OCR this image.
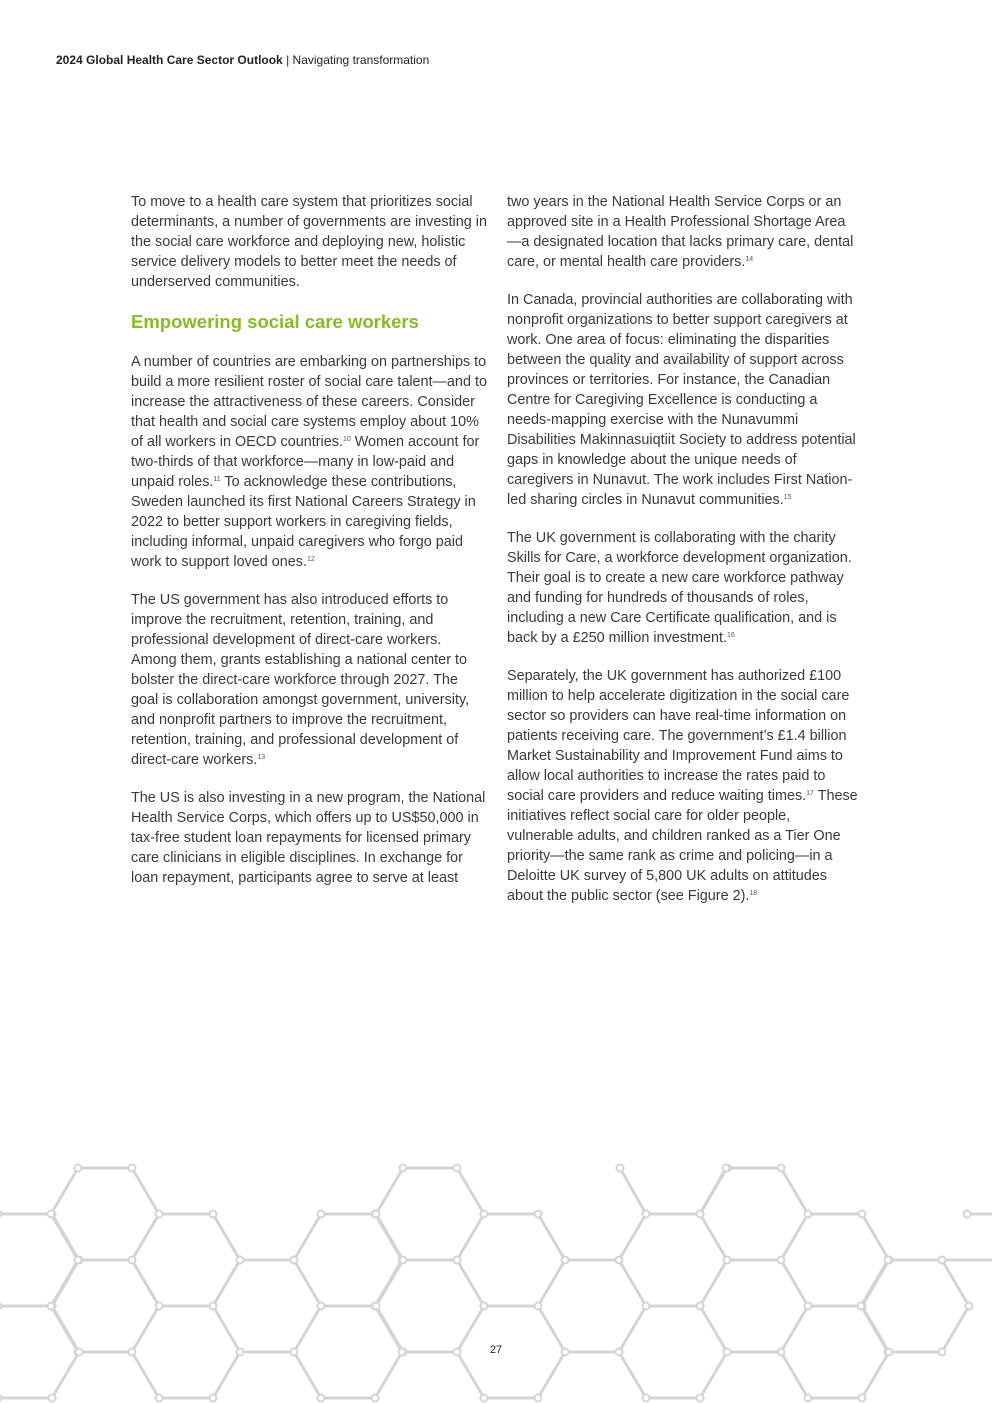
2024 Global Health Care Sector Outlook | Navigating transformation

To move to a health care system that prioritizes social determinants, a number of governments are investing in the social care workforce and deploying new, holistic service delivery models to better meet the needs of underserved communities.

Empowering social care workers

A number of countries are embarking on partnerships to build a more resilient roster of social care talent—and to increase the attractiveness of these careers. Consider that health and social care systems employ about 10% of all workers in OECD countries.$^{10}$ Women account for two-thirds of that workforce—many in low-paid and unpaid roles.$^{11}$ To acknowledge these contributions, Sweden launched its first National Careers Strategy in 2022 to better support workers in caregiving fields, including informal, unpaid caregivers who forgo paid work to support loved ones.$^{12}$

The US government has also introduced efforts to improve the recruitment, retention, training, and professional development of direct-care workers. Among them, grants establishing a national center to bolster the direct-care workforce through 2027. The goal is collaboration amongst government, university, and nonprofit partners to improve the recruitment, retention, training, and professional development of direct-care workers.$^{13}$

The US is also investing in a new program, the National Health Service Corps, which offers up to US$50,000 in tax-free student loan repayments for licensed primary care clinicians in eligible disciplines. In exchange for loan repayment, participants agree to serve at least

two years in the National Health Service Corps or an approved site in a Health Professional Shortage Area—a designated location that lacks primary care, dental care, or mental health care providers.$^{14}$

In Canada, provincial authorities are collaborating with nonprofit organizations to better support caregivers at work. One area of focus: eliminating the disparities between the quality and availability of support across provinces or territories. For instance, the Canadian Centre for Caregiving Excellence is conducting a needs-mapping exercise with the Nunavummi Disabilities Makinnasuiqtiit Society to address potential gaps in knowledge about the unique needs of caregivers in Nunavut. The work includes First Nation-led sharing circles in Nunavut communities.$^{15}$

The UK government is collaborating with the charity Skills for Care, a workforce development organization. Their goal is to create a new care workforce pathway and funding for hundreds of thousands of roles, including a new Care Certificate qualification, and is back by a £250 million investment.$^{16}$

Separately, the UK government has authorized £100 million to help accelerate digitization in the social care sector so providers can have real-time information on patients receiving care. The government’s £1.4 billion Market Sustainability and Improvement Fund aims to allow local authorities to increase the rates paid to social care providers and reduce waiting times.$^{17}$ These initiatives reflect social care for older people, vulnerable adults, and children ranked as a Tier One priority—the same rank as crime and policing—in a Deloitte UK survey of 5,800 UK adults on attitudes about the public sector (see Figure 2).$^{18}$

27
